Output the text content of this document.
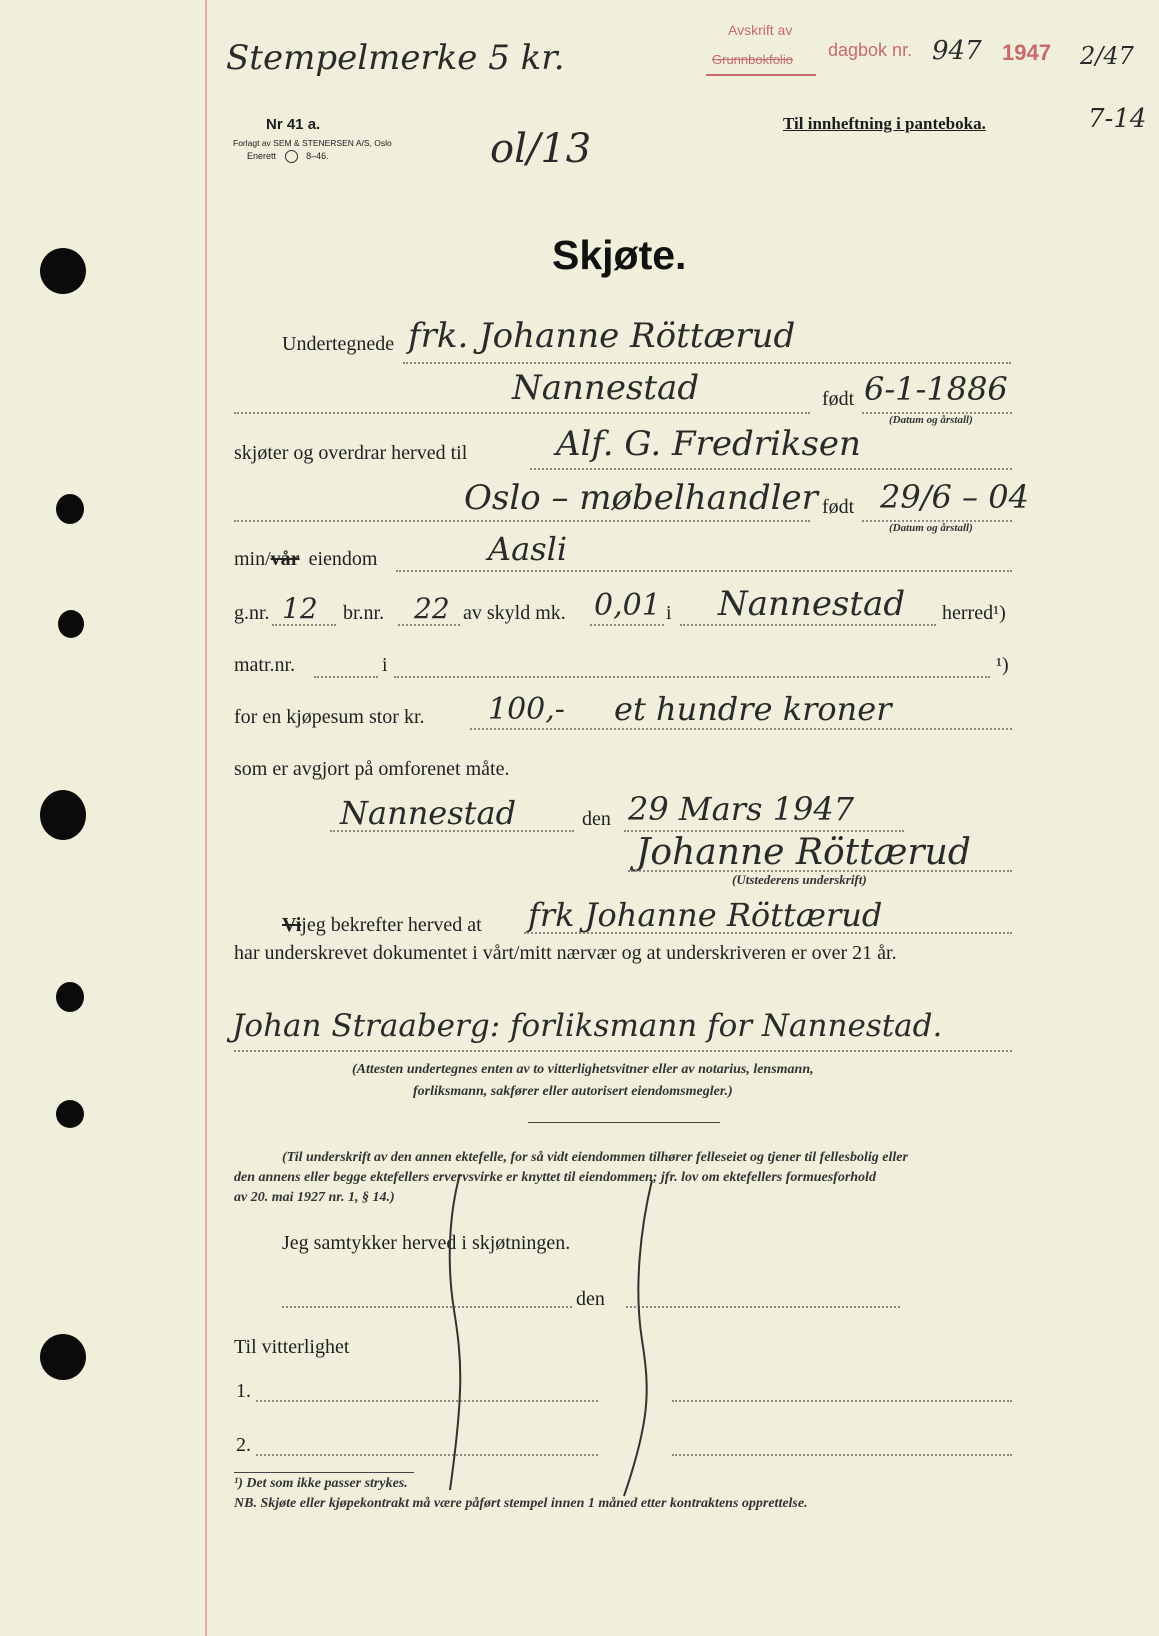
Stempelmerke 5 kr.
Avskrift av
Grunnbokfolio dagbok nr. 947 1947 2/47
7-14
Nr 41 a.
Forlagt av SEM & STENERSEN A/S, Oslo
Enerett	8–46.	ol/13
Til innheftning i panteboka.
Skjøte.
Undertegnede frk. Johanne Röttærud
Nannestad	født 6-1-1886
(Datum og årstall)
skjøter og overdrar herved til	Alf. G. Fredriksen
Oslo – møbelhandler født 29/6 – 04
(Datum og årstall)
min/vår eiendom	Aasli
g.nr. 12 br.nr. 22 av skyld mk. 0,01 i Nannestad herred¹)
matr.nr.	i	¹)
for en kjøpesum stor kr. 100,- et hundre kroner
som er avgjort på omforenet måte.
Nannestad	den 29 Mars 1947
Johanne Röttærud
(Utstederens underskrift)
Vijeg bekrefter herved at frk Johanne Röttærud
har underskrevet dokumentet i vårt/mitt nærvær og at underskriveren er over 21 år.
Johan Straaberg: forliksmann for Nannestad.
(Attesten undertegnes enten av to vitterlighetsvitner eller av notarius, lensmann,
forliksmann, sakfører eller autorisert eiendomsmegler.)
(Til underskrift av den annen ektefelle, for så vidt eiendommen tilhører felleseiet og tjener til fellesbolig eller
den annens eller begge ektefellers ervervsvirke er knyttet til eiendommen; jfr. lov om ektefellers formuesforhold
av 20. mai 1927 nr. 1, § 14.)
Jeg samtykker herved i skjøtningen.
den
Til vitterlighet
1.
2.
¹) Det som ikke passer strykes.
NB. Skjøte eller kjøpekontrakt må være påført stempel innen 1 måned etter kontraktens opprettelse.
